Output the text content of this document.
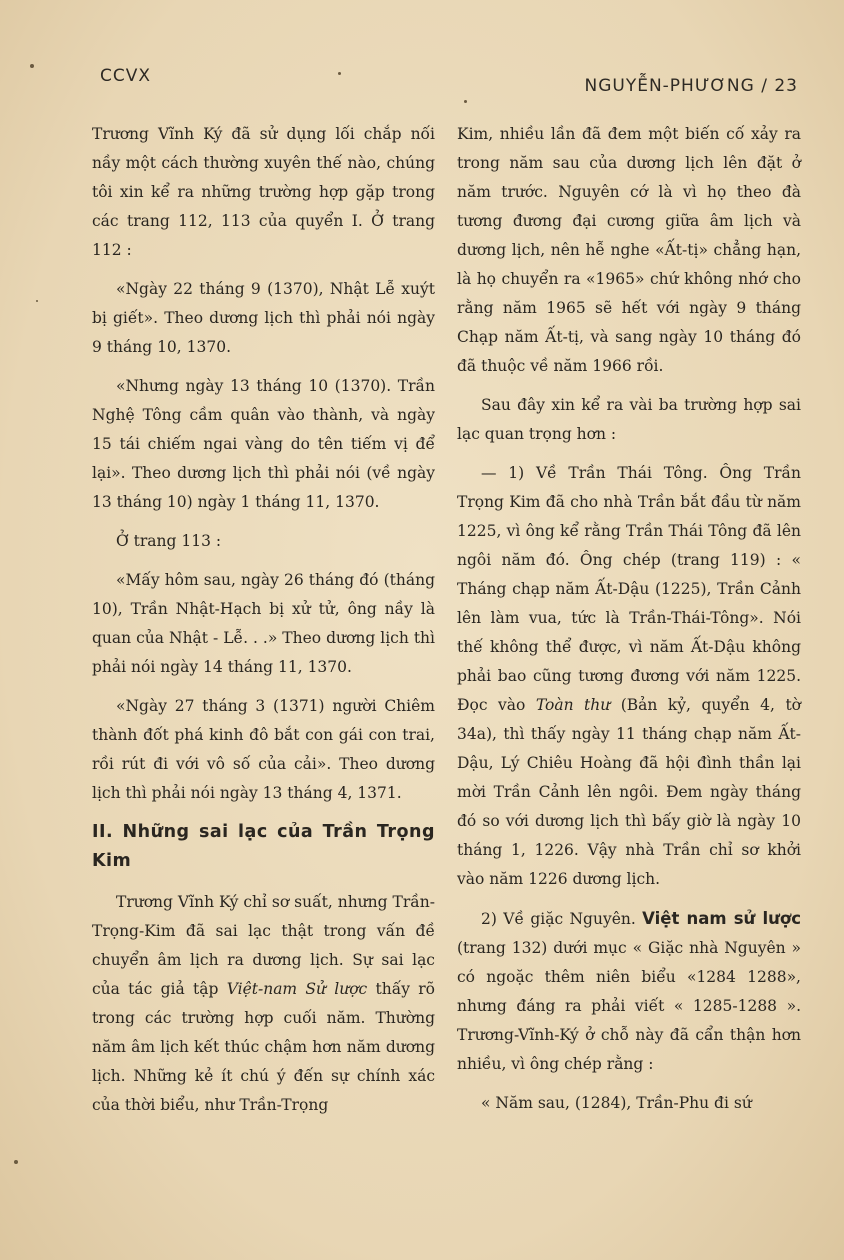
CCVX	NGUYỄN-PHƯƠNG / 23

Trương Vĩnh Ký đã sử dụng lối chắp nối nầy một cách thường xuyên thế nào, chúng tôi xin kể ra những trường hợp gặp trong các trang 112, 113 của quyển I. Ở trang 112 :

«Ngày 22 tháng 9 (1370), Nhật Lễ xuýt bị giết». Theo dương lịch thì phải nói ngày 9 tháng 10, 1370.

«Nhưng ngày 13 tháng 10 (1370). Trần Nghệ Tông cầm quân vào thành, và ngày 15 tái chiếm ngai vàng do tên tiếm vị để lại». Theo dương lịch thì phải nói (về ngày 13 tháng 10) ngày 1 tháng 11, 1370.

Ở trang 113 :

«Mấy hôm sau, ngày 26 tháng đó (tháng 10), Trần Nhật-Hạch bị xử tử, ông nầy là quan của Nhật - Lễ. . .» Theo dương lịch thì phải nói ngày 14 tháng 11, 1370.

«Ngày 27 tháng 3 (1371) người Chiêm thành đốt phá kinh đô bắt con gái con trai, rồi rút đi với vô số của cải». Theo dương lịch thì phải nói ngày 13 tháng 4, 1371.

II. Những sai lạc của Trần Trọng Kim

Trương Vĩnh Ký chỉ sơ suất, nhưng Trần-Trọng-Kim đã sai lạc thật trong vấn đề chuyển âm lịch ra dương lịch. Sự sai lạc của tác giả tập Việt-nam Sử lược thấy rõ trong các trường hợp cuối năm. Thường năm âm lịch kết thúc chậm hơn năm dương lịch. Những kẻ ít chú ý đến sự chính xác của thời biểu, như Trần-Trọng

Kim, nhiều lần đã đem một biến cố xảy ra trong năm sau của dương lịch lên đặt ở năm trước. Nguyên cớ là vì họ theo đà tương đương đại cương giữa âm lịch và dương lịch, nên hễ nghe «Ất-tị» chẳng hạn, là họ chuyển ra «1965» chứ không nhớ cho rằng năm 1965 sẽ hết với ngày 9 tháng Chạp năm Ất-tị, và sang ngày 10 tháng đó đã thuộc về năm 1966 rồi.

Sau đây xin kể ra vài ba trường hợp sai lạc quan trọng hơn :

— 1) Về Trần Thái Tông. Ông Trần Trọng Kim đã cho nhà Trần bắt đầu từ năm 1225, vì ông kể rằng Trần Thái Tông đã lên ngôi năm đó. Ông chép (trang 119) : « Tháng chạp năm Ất-Dậu (1225), Trần Cảnh lên làm vua, tức là Trần-Thái-Tông». Nói thế không thể được, vì năm Ất-Dậu không phải bao cũng tương đương với năm 1225. Đọc vào Toàn thư (Bản kỷ, quyển 4, tờ 34a), thì thấy ngày 11 tháng chạp năm Ất-Dậu, Lý Chiêu Hoàng đã hội đình thần lại mời Trần Cảnh lên ngôi. Đem ngày tháng đó so với dương lịch thì bấy giờ là ngày 10 tháng 1, 1226. Vậy nhà Trần chỉ sơ khởi vào năm 1226 dương lịch.

2) Về giặc Nguyên. Việt nam sử lược (trang 132) dưới mục « Giặc nhà Nguyên » có ngoặc thêm niên biểu «1284 1288», nhưng đáng ra phải viết « 1285-1288 ». Trương-Vĩnh-Ký ở chỗ này đã cẩn thận hơn nhiều, vì ông chép rằng :

« Năm sau, (1284), Trần-Phu đi sứ
